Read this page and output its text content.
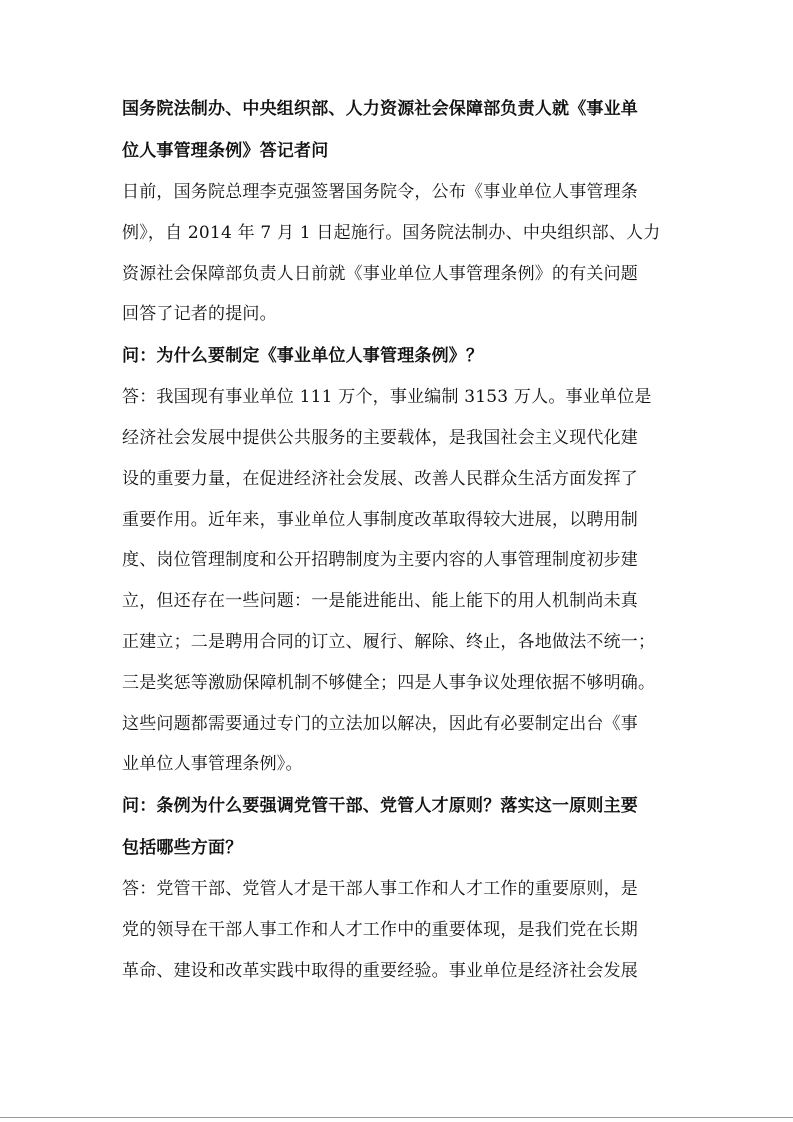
国务院法制办、中央组织部、人力资源社会保障部负责人就《事业单
位人事管理条例》答记者问

日前，国务院总理李克强签署国务院令，公布《事业单位人事管理条
例》，自 2014 年 7 月 1 日起施行。国务院法制办、中央组织部、人力
资源社会保障部负责人日前就《事业单位人事管理条例》的有关问题
回答了记者的提问。

问：为什么要制定《事业单位人事管理条例》？

答：我国现有事业单位 111 万个，事业编制 3153 万人。事业单位是
经济社会发展中提供公共服务的主要载体，是我国社会主义现代化建
设的重要力量，在促进经济社会发展、改善人民群众生活方面发挥了
重要作用。近年来，事业单位人事制度改革取得较大进展，以聘用制
度、岗位管理制度和公开招聘制度为主要内容的人事管理制度初步建
立，但还存在一些问题：一是能进能出、能上能下的用人机制尚未真
正建立；二是聘用合同的订立、履行、解除、终止，各地做法不统一；
三是奖惩等激励保障机制不够健全；四是人事争议处理依据不够明确。
这些问题都需要通过专门的立法加以解决，因此有必要制定出台《事
业单位人事管理条例》。

问：条例为什么要强调党管干部、党管人才原则？落实这一原则主要
包括哪些方面？

答：党管干部、党管人才是干部人事工作和人才工作的重要原则，是
党的领导在干部人事工作和人才工作中的重要体现，是我们党在长期
革命、建设和改革实践中取得的重要经验。事业单位是经济社会发展
